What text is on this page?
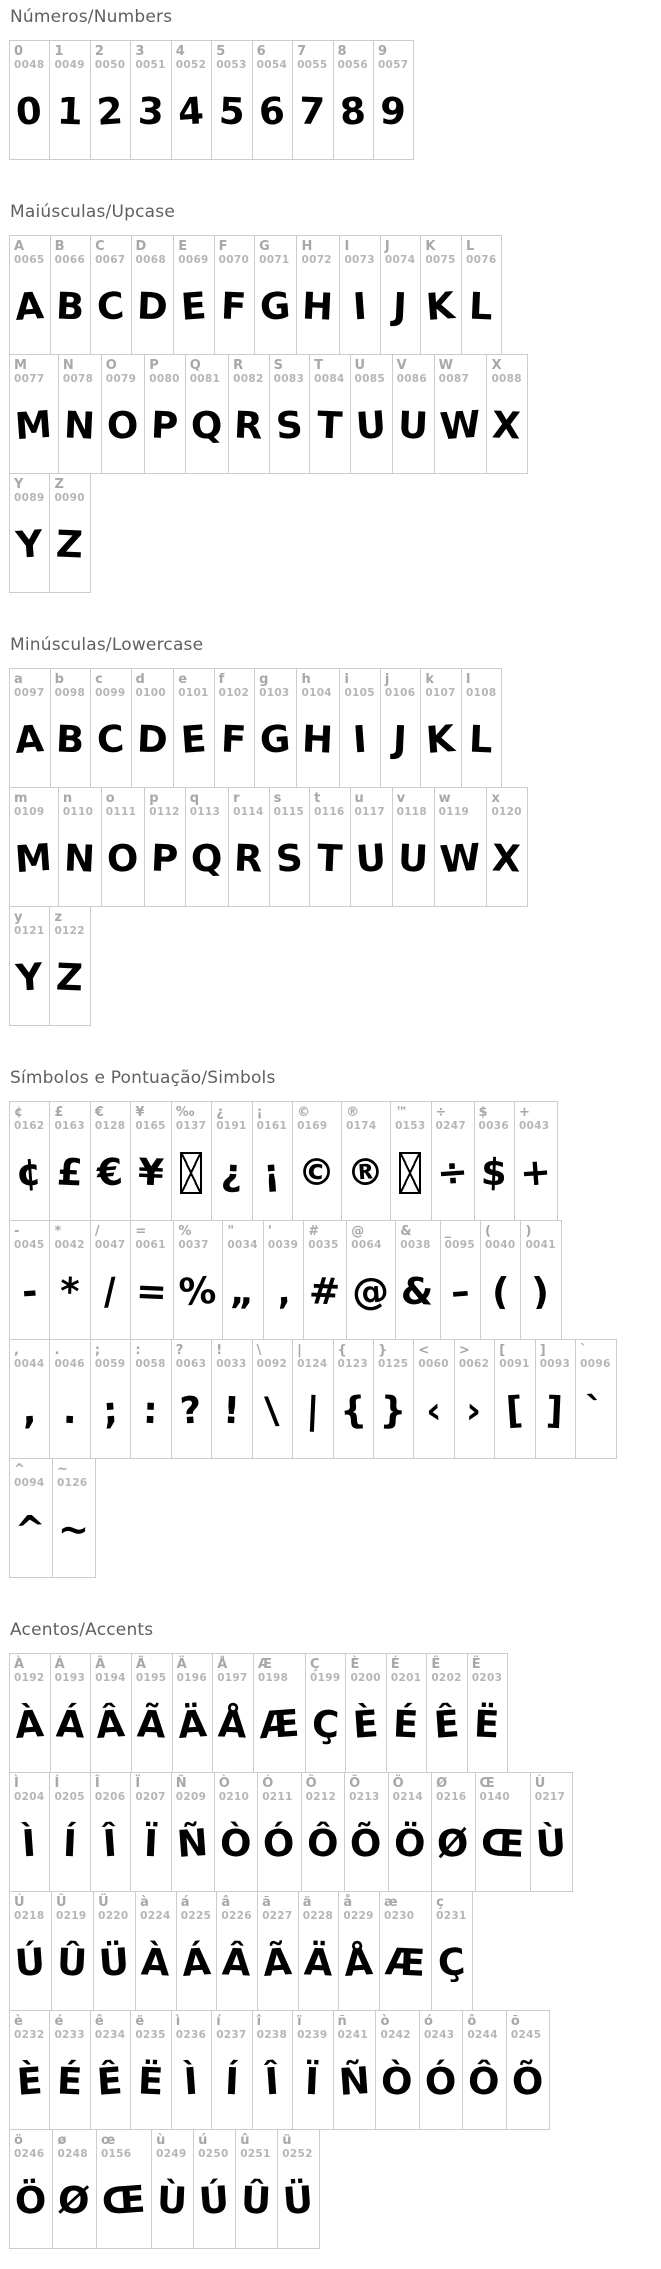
Números/Numbers
0
0048
0
1
0049
1
2
0050
2
3
0051
3
4
0052
4
5
0053
5
6
0054
6
7
0055
7
8
0056
8
9
0057
9
Maiúsculas/Upcase
A
0065
A
B
0066
B
C
0067
C
D
0068
D
E
0069
E
F
0070
F
G
0071
G
H
0072
H
I
0073
I
J
0074
J
K
0075
K
L
0076
L
M
0077
M
N
0078
N
O
0079
O
P
0080
P
Q
0081
Q
R
0082
R
S
0083
S
T
0084
T
U
0085
U
V
0086
U
W
0087
W
X
0088
X
Y
0089
Y
Z
0090
Z
Minúsculas/Lowercase
a
0097
A
b
0098
B
c
0099
C
d
0100
D
e
0101
E
f
0102
F
g
0103
G
h
0104
H
i
0105
I
j
0106
J
k
0107
K
l
0108
L
m
0109
M
n
0110
N
o
0111
O
p
0112
P
q
0113
Q
r
0114
R
s
0115
S
t
0116
T
u
0117
U
v
0118
U
w
0119
W
x
0120
X
y
0121
Y
z
0122
Z
Símbolos e Pontuação/Simbols
¢
0162
¢
£
0163
£
€
0128
€
¥
0165
¥
‰
0137
¿
0191
¿
¡
0161
¡
©
0169
©
®
0174
®
™
0153
÷
0247
÷
$
0036
$
+
0043
+
-
0045
-
*
0042
*
/
0047
/
=
0061
=
%
0037
%
"
0034
„
'
0039
‚
#
0035
#
@
0064
@
&
0038
&
_
0095
–
(
0040
(
)
0041
)
,
0044
,
.
0046
.
;
0059
;
:
0058
:
?
0063
?
!
0033
!
\
0092
\
|
0124
|
{
0123
{
}
0125
}
<
0060
‹
>
0062
›
[
0091
[
]
0093
]
`
0096
`
^
0094
^
~
0126
~
Acentos/Accents
À
0192
À
Á
0193
Á
Â
0194
Â
Ã
0195
Ã
Ä
0196
Ä
Å
0197
Å
Æ
0198
Æ
Ç
0199
Ç
È
0200
È
É
0201
É
Ê
0202
Ê
Ë
0203
Ë
Ì
0204
Ì
Í
0205
Í
Î
0206
Î
Ï
0207
Ï
Ñ
0209
Ñ
Ò
0210
Ò
Ó
0211
Ó
Ô
0212
Ô
Õ
0213
Õ
Ö
0214
Ö
Ø
0216
Ø
Œ
0140
Œ
Ù
0217
Ù
Ú
0218
Ú
Û
0219
Û
Ü
0220
Ü
à
0224
À
á
0225
Á
â
0226
Â
ã
0227
Ã
ä
0228
Ä
å
0229
Å
æ
0230
Æ
ç
0231
Ç
è
0232
È
é
0233
É
ê
0234
Ê
ë
0235
Ë
ì
0236
Ì
í
0237
Í
î
0238
Î
ï
0239
Ï
ñ
0241
Ñ
ò
0242
Ò
ó
0243
Ó
ô
0244
Ô
õ
0245
Õ
ö
0246
Ö
ø
0248
Ø
œ
0156
Œ
ù
0249
Ù
ú
0250
Ú
û
0251
Û
ü
0252
Ü
